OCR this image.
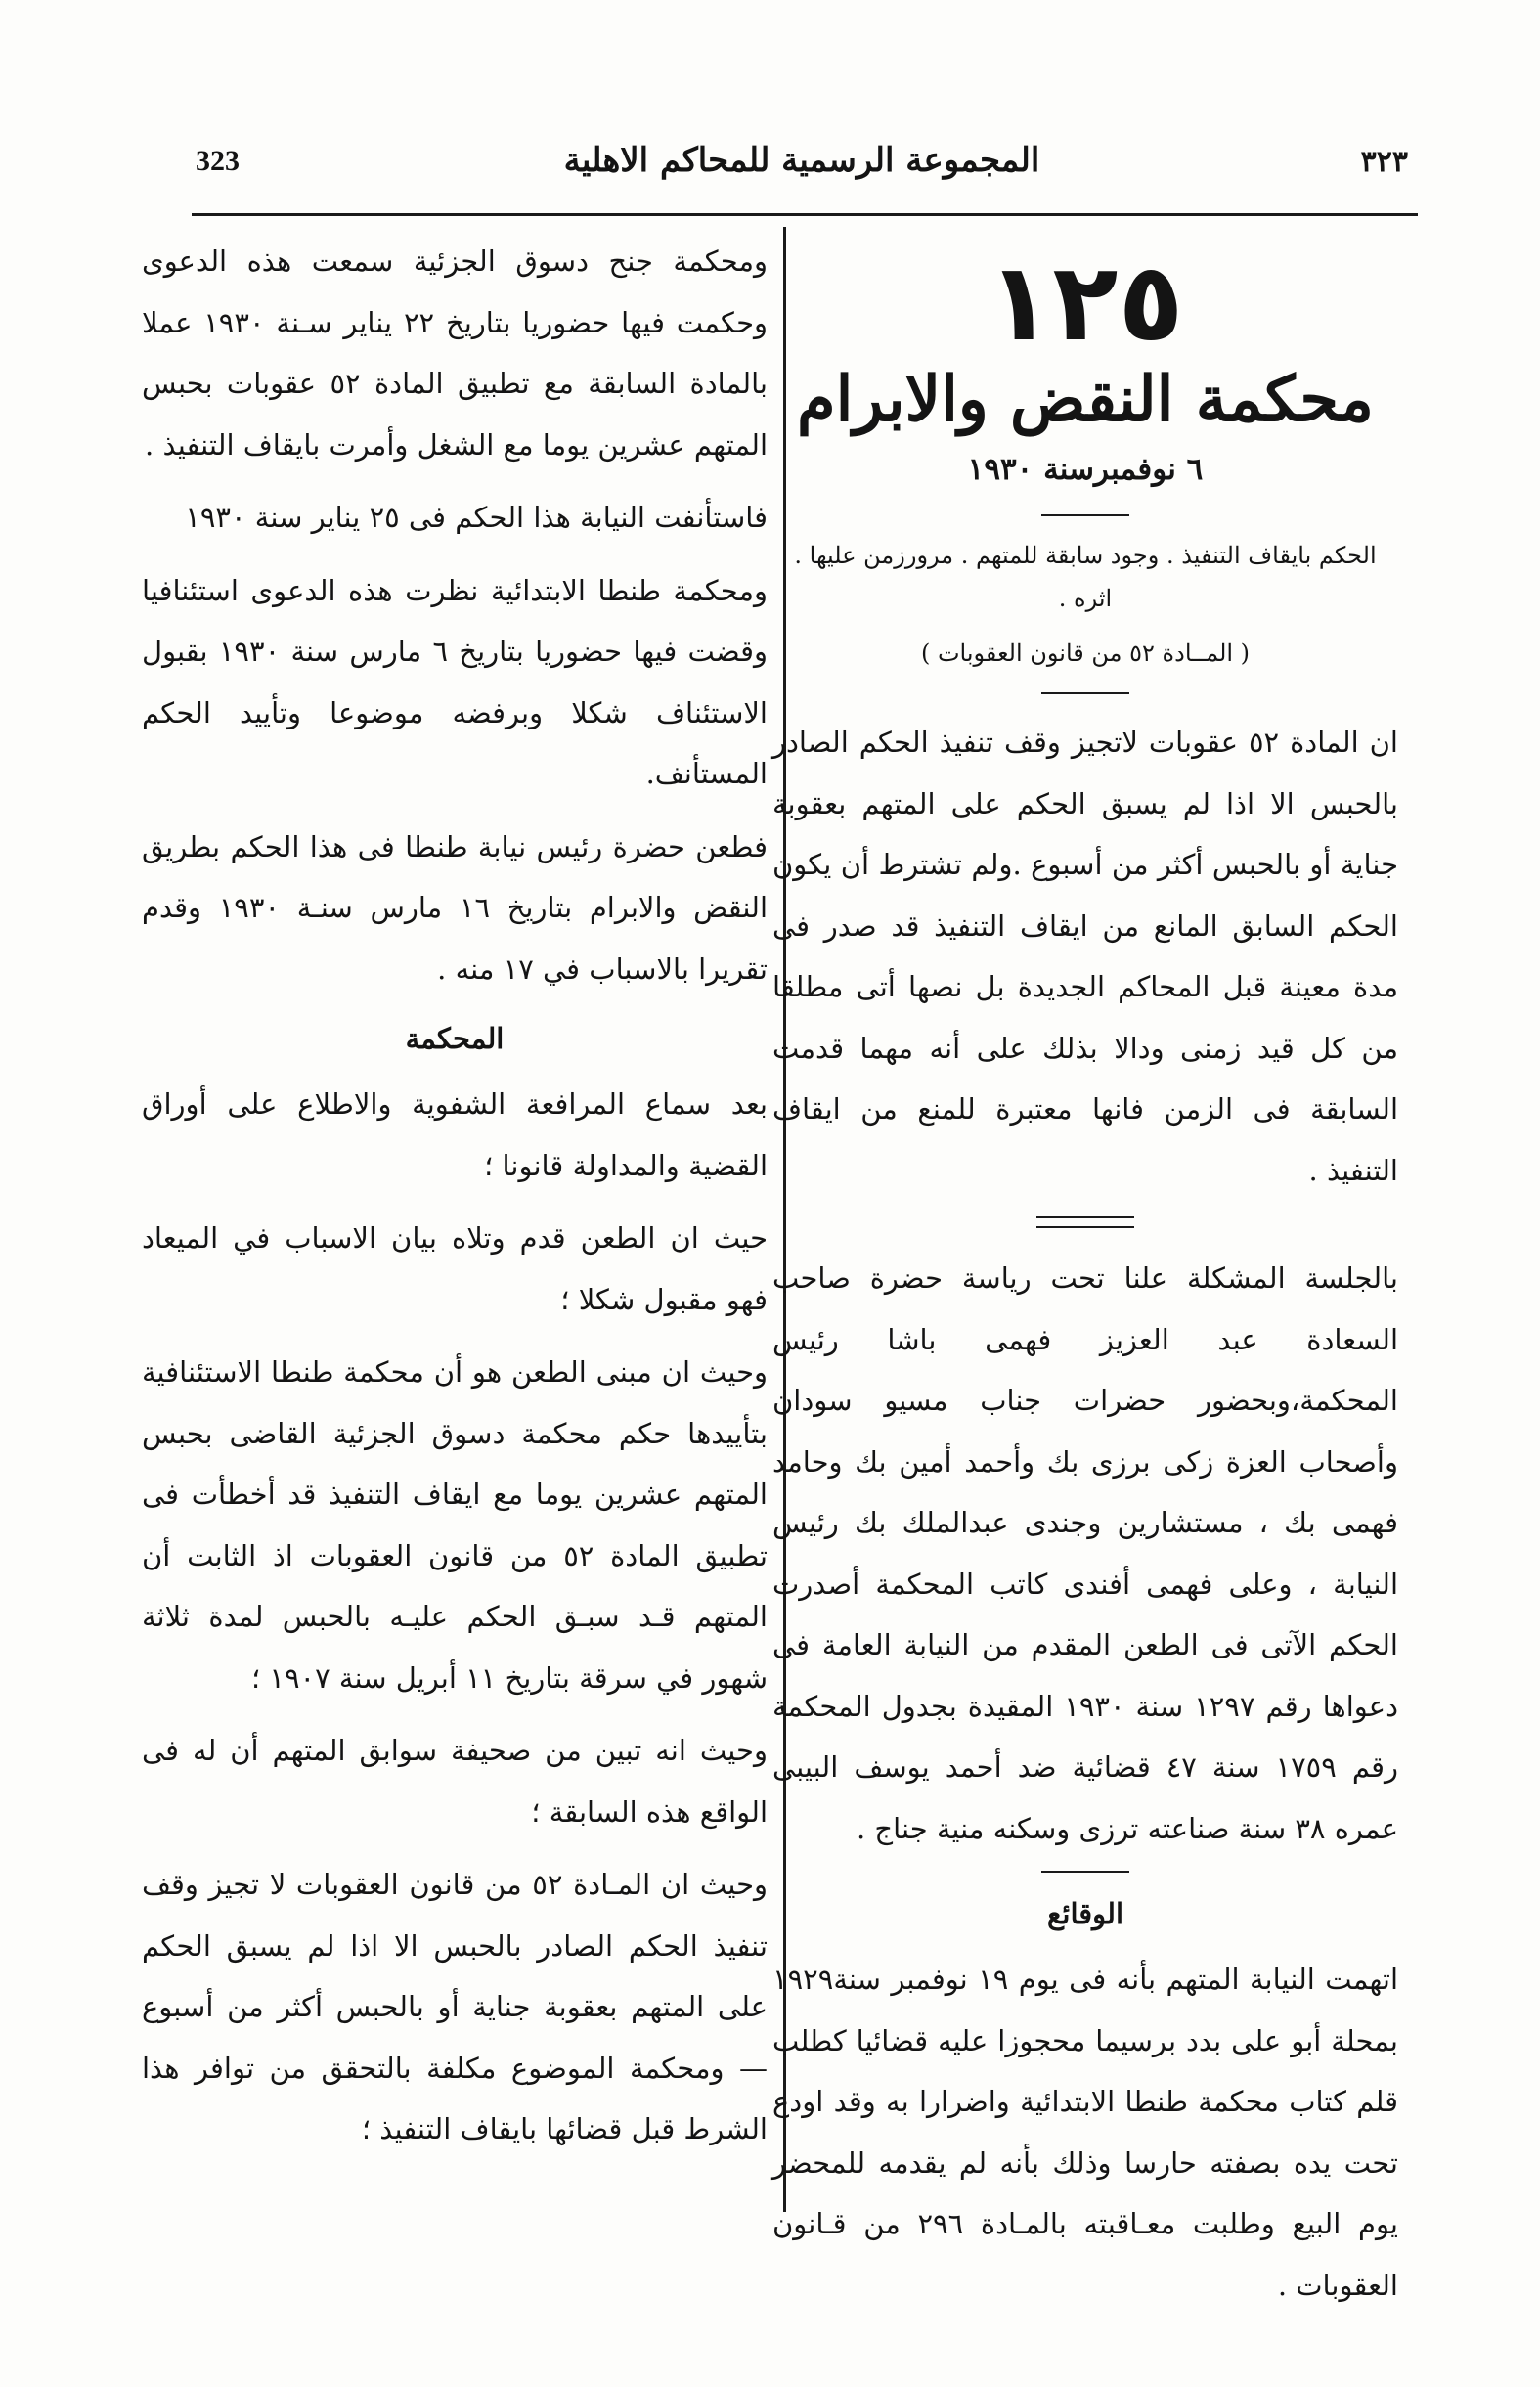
323	المجموعة الرسمية للمحاكم الاهلية	٣٢٣
١٢٥
محكمة النقض والابرام
٦ نوفمبرسنة ١٩٣٠

الحكم بايقاف التنفيذ . وجود سابقة للمتهم . مرورزمن عليها . اثره .

( المــادة ٥٢ من قانون العقوبات )

ان المادة ٥٢ عقوبات لاتجيز وقف تنفيذ الحكم الصادر بالحبس الا اذا لم يسبق الحكم على المتهم بعقوبة جناية أو بالحبس أكثر من أسبوع .ولم تشترط أن يكون الحكم السابق المانع من ايقاف التنفيذ قد صدر فى مدة معينة قبل المحاكم الجديدة بل نصها أتى مطلقا من كل قيد زمنى ودالا بذلك على أنه مهما قدمت السابقة فى الزمن فانها معتبرة للمنع من ايقاف التنفيذ .

بالجلسة المشكلة علنا تحت رياسة حضرة صاحب السعادة عبد العزيز فهمى باشا رئيس المحكمة،وبحضور حضرات جناب مسيو سودان وأصحاب العزة زكى برزى بك وأحمد أمين بك وحامد فهمى بك ، مستشارين وجندى عبدالملك بك رئيس النيابة ، وعلى فهمى أفندى كاتب المحكمة أصدرت الحكم الآتى فى الطعن المقدم من النيابة العامة فى دعواها رقم ١٢٩٧ سنة ١٩٣٠ المقيدة بجدول المحكمة رقم ١٧٥٩ سنة ٤٧ قضائية ضد أحمد يوسف البيبى عمره ٣٨ سنة صناعته ترزى وسكنه منية جناج .

الوقائع

اتهمت النيابة المتهم بأنه فى يوم ١٩ نوفمبر سنة١٩٢٩ بمحلة أبو على بدد برسيما محجوزا عليه قضائيا كطلب قلم كتاب محكمة طنطا الابتدائية واضرارا به وقد اودع تحت يده بصفته حارسا وذلك بأنه لم يقدمه للمحضر يوم البيع وطلبت معـاقبته بالمـادة ٢٩٦ من قـانون العقوبات .

ومحكمة جنح دسوق الجزئية سمعت هذه الدعوى وحكمت فيها حضوريا بتاريخ ٢٢ يناير سـنة ١٩٣٠ عملا بالمادة السابقة مع تطبيق المادة ٥٢ عقوبات بحبس المتهم عشرين يوما مع الشغل وأمرت بايقاف التنفيذ .

فاستأنفت النيابة هذا الحكم فى ٢٥ يناير سنة ١٩٣٠

ومحكمة طنطا الابتدائية نظرت هذه الدعوى استئنافيا وقضت فيها حضوريا بتاريخ ٦ مارس سنة ١٩٣٠ بقبول الاستئناف شكلا وبرفضه موضوعا وتأييد الحكم المستأنف.

فطعن حضرة رئيس نيابة طنطا فى هذا الحكم بطريق النقض والابرام بتاريخ ١٦ مارس سنـة ١٩٣٠ وقدم تقريرا بالاسباب في ١٧ منه .

المحكمة

بعد سماع المرافعة الشفوية والاطلاع على أوراق القضية والمداولة قانونا ؛

حيث ان الطعن قدم وتلاه بيان الاسباب في الميعاد فهو مقبول شكلا ؛

وحيث ان مبنى الطعن هو أن محكمة طنطا الاستئنافية بتأييدها حكم محكمة دسوق الجزئية القاضى بحبس المتهم عشرين يوما مع ايقاف التنفيذ قد أخطأت فى تطبيق المادة ٥٢ من قانون العقوبات اذ الثابت أن المتهم قـد سبـق الحكم عليـه بالحبس لمدة ثلاثة شهور في سرقة بتاريخ ١١ أبريل سنة ١٩٠٧ ؛

وحيث انه تبين من صحيفة سوابق المتهم أن له فى الواقع هذه السابقة ؛

وحيث ان المـادة ٥٢ من قانون العقوبات لا تجيز وقف تنفيذ الحكم الصادر بالحبس الا اذا لم يسبق الحكم على المتهم بعقوبة جناية أو بالحبس أكثر من أسبوع — ومحكمة الموضوع مكلفة بالتحقق من توافر هذا الشرط قبل قضائها بايقاف التنفيذ ؛
